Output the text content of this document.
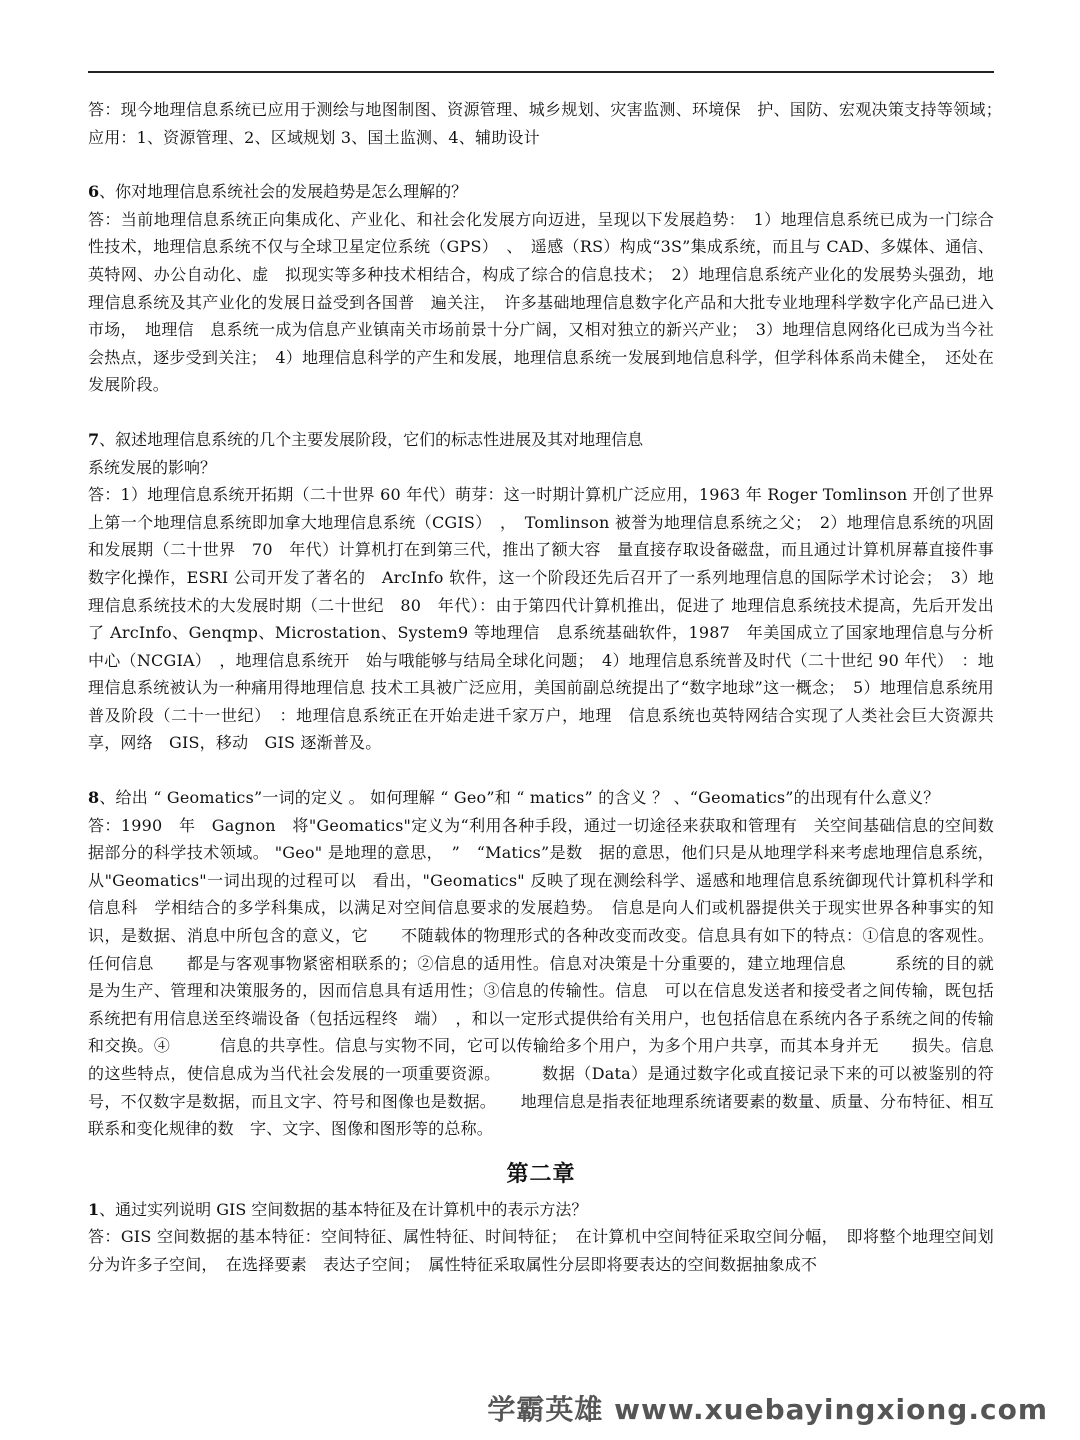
答：现今地理信息系统已应用于测绘与地图制图、资源管理、城乡规划、灾害监测、环境保　护、国防、宏观决策支持等领域；　应用：1、资源管理、2、区域规划 3、国土监测、4、辅助设计

6、你对地理信息系统社会的发展趋势是怎么理解的？

答：当前地理信息系统正向集成化、产业化、和社会化发展方向迈进，呈现以下发展趋势：　1）地理信息系统已成为一门综合性技术，地理信息系统不仅与全球卫星定位系统（GPS）　、　遥感（RS）构成“3S”集成系统，而且与 CAD、多媒体、通信、英特网、办公自动化、虚　拟现实等多种技术相结合，构成了综合的信息技术；　2）地理信息系统产业化的发展势头强劲，地理信息系统及其产业化的发展日益受到各国普　遍关注，　许多基础地理信息数字化产品和大批专业地理科学数字化产品已进入市场，　地理信　息系统一成为信息产业镇南关市场前景十分广阔，又相对独立的新兴产业；　3）地理信息网络化已成为当今社会热点，逐步受到关注；　4）地理信息科学的产生和发展，地理信息系统一发展到地信息科学，但学科体系尚未健全，　还处在发展阶段。

7、叙述地理信息系统的几个主要发展阶段，它们的标志性进展及其对地理信息

系统发展的影响？

答：1）地理信息系统开拓期（二十世界 60 年代）萌芽：这一时期计算机广泛应用，1963 年 Roger Tomlinson 开创了世界上第一个地理信息系统即加拿大地理信息系统（CGIS）　，　Tomlinson 被誉为地理信息系统之父；　2）地理信息系统的巩固和发展期（二十世界　70　年代）计算机打在到第三代，推出了额大容　量直接存取设备磁盘，而且通过计算机屏幕直接件事数字化操作，ESRI 公司开发了著名的　ArcInfo 软件，这一个阶段还先后召开了一系列地理信息的国际学术讨论会；　3）地理信息系统技术的大发展时期（二十世纪　80　年代）：由于第四代计算机推出，促进了 地理信息系统技术提高，先后开发出了 ArcInfo、Genqmp、Microstation、System9 等地理信　息系统基础软件，1987　年美国成立了国家地理信息与分析中心（NCGIA）　，地理信息系统开　始与哦能够与结局全球化问题；　4）地理信息系统普及时代（二十世纪 90 年代）　：地理信息系统被认为一种痛用得地理信息 技术工具被广泛应用，美国前副总统提出了“数字地球”这一概念；　5）地理信息系统用普及阶段（二十一世纪）　：地理信息系统正在开始走进千家万户，地理　信息系统也英特网结合实现了人类社会巨大资源共享，网络　GIS，移动　GIS 逐渐普及。

8、给出 “ Geomatics”一词的定义 。 如何理解 “ Geo”和 “ matics” 的含义 ？ 、“Geomatics”的出现有什么意义？

答：1990　年　Gagnon　将"Geomatics"定义为“利用各种手段，通过一切途径来获取和管理有　关空间基础信息的空间数据部分的科学技术领域。 "Geo" 是地理的意思，　”　“Matics”是数　据的意思，他们只是从地理学科来考虑地理信息系统，从"Geomatics"一词出现的过程可以　看出，"Geomatics" 反映了现在测绘科学、遥感和地理信息系统御现代计算机科学和信息科　学相结合的多学科集成，以满足对空间信息要求的发展趋势。　信息是向人们或机器提供关于现实世界各种事实的知识，是数据、消息中所包含的意义，它　　不随载体的物理形式的各种改变而改变。信息具有如下的特点：①信息的客观性。任何信息　　都是与客观事物紧密相联系的；②信息的适用性。信息对决策是十分重要的，建立地理信息　　　系统的目的就是为生产、管理和决策服务的，因而信息具有适用性；③信息的传输性。信息　可以在信息发送者和接受者之间传输，既包括系统把有用信息送至终端设备（包括远程终　端）　，和以一定形式提供给有关用户，也包括信息在系统内各子系统之间的传输和交换。④　　　信息的共享性。信息与实物不同，它可以传输给多个用户，为多个用户共享，而其本身并无　　损失。信息的这些特点，使信息成为当代社会发展的一项重要资源。　　　数据（Data）是通过数字化或直接记录下来的可以被鉴别的符号，不仅数字是数据，而且文字、符号和图像也是数据。　　地理信息是指表征地理系统诸要素的数量、质量、分布特征、相互联系和变化规律的数　字、文字、图像和图形等的总称。

第二章

1、通过实列说明 GIS 空间数据的基本特征及在计算机中的表示方法？

答：GIS 空间数据的基本特征：空间特征、属性特征、时间特征；　在计算机中空间特征采取空间分幅，　即将整个地理空间划分为许多子空间，　在选择要素　表达子空间；　属性特征采取属性分层即将要表达的空间数据抽象成不

学霸英雄 www.xuebayingxiong.com
